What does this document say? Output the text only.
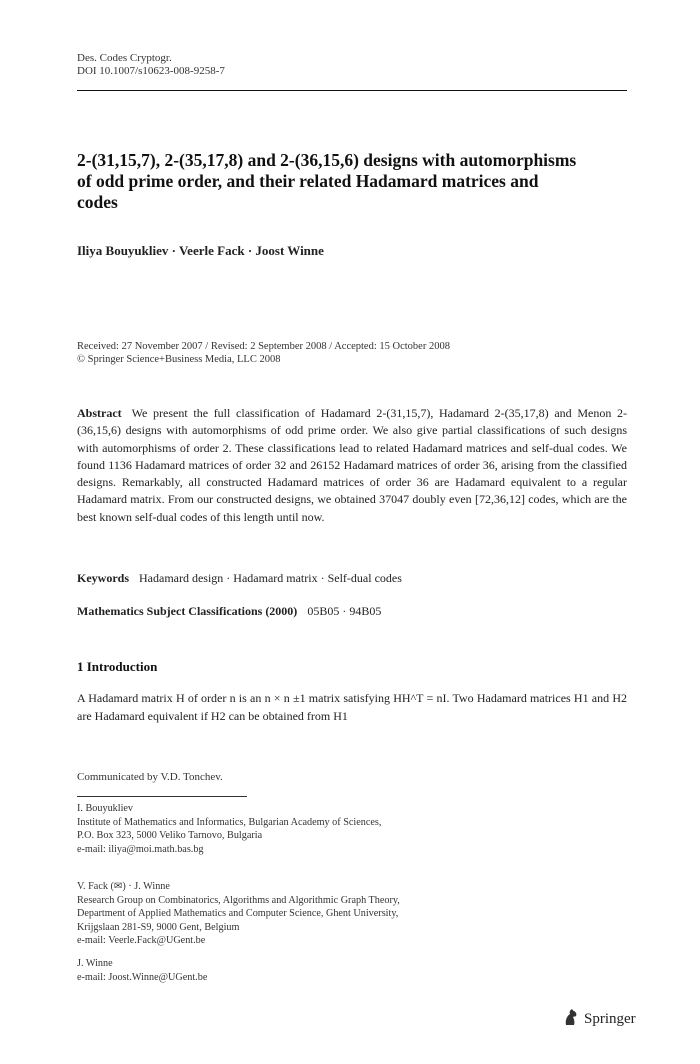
Des. Codes Cryptogr.
DOI 10.1007/s10623-008-9258-7
2-(31,15,7), 2-(35,17,8) and 2-(36,15,6) designs with automorphisms of odd prime order, and their related Hadamard matrices and codes
Iliya Bouyukliev · Veerle Fack · Joost Winne
Received: 27 November 2007 / Revised: 2 September 2008 / Accepted: 15 October 2008
© Springer Science+Business Media, LLC 2008

Abstract We present the full classification of Hadamard 2-(31,15,7), Hadamard 2-(35,17,8) and Menon 2-(36,15,6) designs with automorphisms of odd prime order. We also give partial classifications of such designs with automorphisms of order 2. These classifications lead to related Hadamard matrices and self-dual codes. We found 1136 Hadamard matrices of order 32 and 26152 Hadamard matrices of order 36, arising from the classified designs. Remarkably, all constructed Hadamard matrices of order 36 are Hadamard equivalent to a regular Hadamard matrix. From our constructed designs, we obtained 37047 doubly even [72,36,12] codes, which are the best known self-dual codes of this length until now.

Keywords Hadamard design · Hadamard matrix · Self-dual codes
Mathematics Subject Classifications (2000) 05B05 · 94B05
1 Introduction

A Hadamard matrix H of order n is an n × n ±1 matrix satisfying HH^T = nI. Two Hadamard matrices H1 and H2 are Hadamard equivalent if H2 can be obtained from H1

Communicated by V.D. Tonchev.
I. Bouyukliev
Institute of Mathematics and Informatics, Bulgarian Academy of Sciences,
P.O. Box 323, 5000 Veliko Tarnovo, Bulgaria
e-mail: iliya@moi.math.bas.bg
V. Fack (✉) · J. Winne
Research Group on Combinatorics, Algorithms and Algorithmic Graph Theory,
Department of Applied Mathematics and Computer Science, Ghent University,
Krijgslaan 281-S9, 9000 Gent, Belgium
e-mail: Veerle.Fack@UGent.be
J. Winne
e-mail: Joost.Winne@UGent.be
Springer
